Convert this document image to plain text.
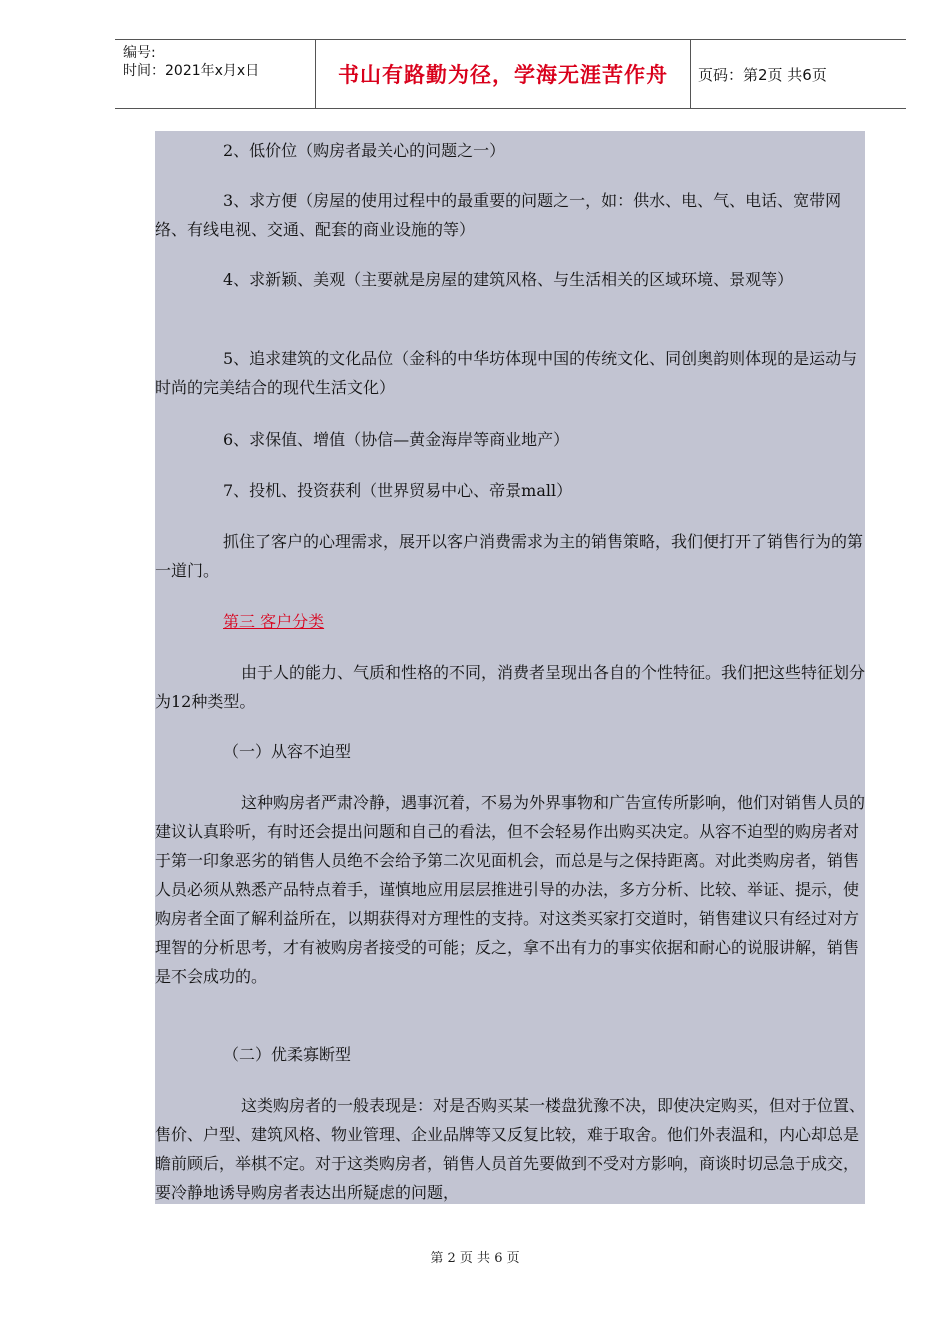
编号:
时间：2021年x月x日	书山有路勤为径，学海无涯苦作舟	页码：第2页 共6页
2、低价位（购房者最关心的问题之一）
3、求方便（房屋的使用过程中的最重要的问题之一，如：供水、电、气、电话、宽带网络、有线电视、交通、配套的商业设施的等）
4、求新颖、美观（主要就是房屋的建筑风格、与生活相关的区域环境、景观等）
5、追求建筑的文化品位（金科的中华坊体现中国的传统文化、同创奥韵则体现的是运动与时尚的完美结合的现代生活文化）
6、求保值、增值（协信—黄金海岸等商业地产）
7、投机、投资获利（世界贸易中心、帝景mall）
抓住了客户的心理需求，展开以客户消费需求为主的销售策略，我们便打开了销售行为的第一道门。
第三 客户分类
由于人的能力、气质和性格的不同，消费者呈现出各自的个性特征。我们把这些特征划分为12种类型。
（一）从容不迫型
这种购房者严肃冷静，遇事沉着，不易为外界事物和广告宣传所影响，他们对销售人员的建议认真聆听，有时还会提出问题和自己的看法，但不会轻易作出购买决定。从容不迫型的购房者对于第一印象恶劣的销售人员绝不会给予第二次见面机会，而总是与之保持距离。对此类购房者，销售人员必须从熟悉产品特点着手，谨慎地应用层层推进引导的办法，多方分析、比较、举证、提示，使购房者全面了解利益所在，以期获得对方理性的支持。对这类买家打交道时，销售建议只有经过对方理智的分析思考，才有被购房者接受的可能；反之，拿不出有力的事实依据和耐心的说服讲解，销售是不会成功的。
（二）优柔寡断型
这类购房者的一般表现是：对是否购买某一楼盘犹豫不决，即使决定购买，但对于位置、售价、户型、建筑风格、物业管理、企业品牌等又反复比较，难于取舍。他们外表温和，内心却总是瞻前顾后，举棋不定。对于这类购房者，销售人员首先要做到不受对方影响，商谈时切忌急于成交，要冷静地诱导购房者表达出所疑虑的问题，
第 2 页 共 6 页
